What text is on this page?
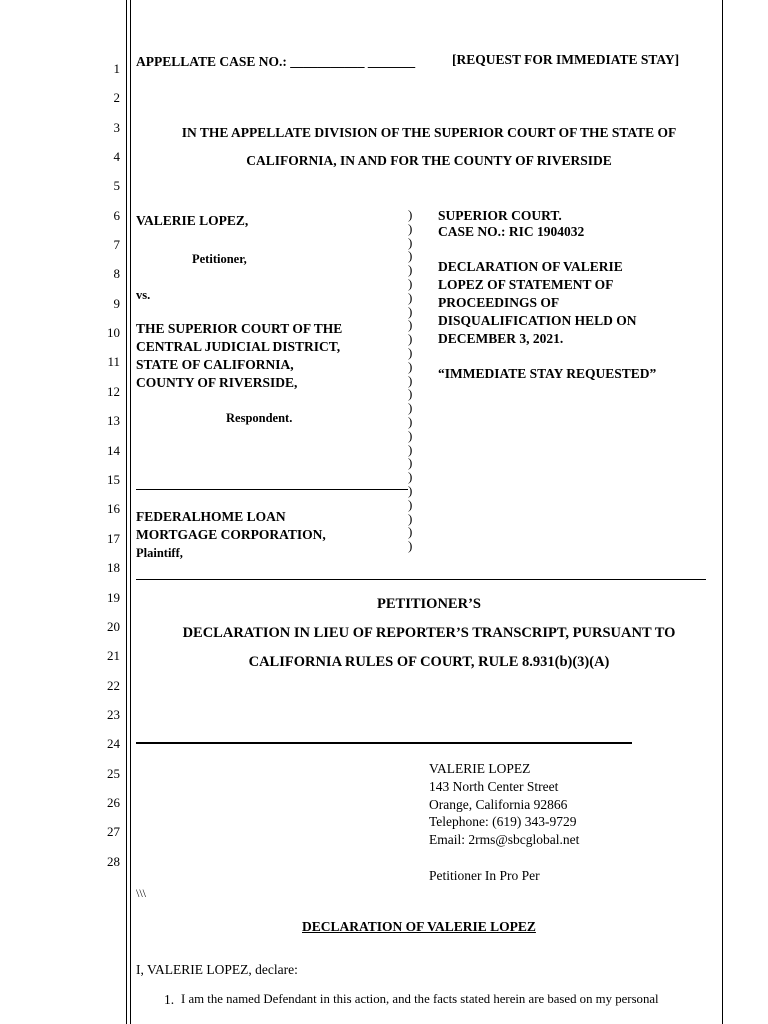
1
2
3
4
5
6
7
8
9
10
11
12
13
14
15
16
17
18
19
20
21
22
23
24
25
26
27
28
APPELLATE CASE NO.: ___________ _______	[REQUEST FOR IMMEDIATE STAY]
IN THE APPELLATE DIVISION OF THE SUPERIOR COURT OF THE STATE OF
CALIFORNIA, IN AND FOR THE COUNTY OF RIVERSIDE
VALERIE LOPEZ,
Petitioner,
vs.
THE SUPERIOR COURT OF THE
CENTRAL JUDICIAL DISTRICT,
STATE OF CALIFORNIA,
COUNTY OF RIVERSIDE,
Respondent.
FEDERALHOME LOAN
MORTGAGE CORPORATION,
Plaintiff,
)
)
)
)
)
)
)
)
)
)
)
)
)
)
)
)
)
)
)
)
)
)
)
)
)
SUPERIOR COURT.
CASE NO.: RIC 1904032
DECLARATION OF VALERIE
LOPEZ OF STATEMENT OF
PROCEEDINGS OF
DISQUALIFICATION HELD ON
DECEMBER 3, 2021.
“IMMEDIATE STAY REQUESTED”
PETITIONER’S
DECLARATION IN LIEU OF REPORTER’S TRANSCRIPT, PURSUANT TO
CALIFORNIA RULES OF COURT, RULE 8.931(b)(3)(A)
VALERIE LOPEZ
143 North Center Street
Orange, California 92866
Telephone: (619) 343-9729
Email: 2rms@sbcglobal.net
Petitioner In Pro Per
\\\
DECLARATION OF VALERIE LOPEZ
I, VALERIE LOPEZ, declare:
1. I am the named Defendant in this action, and the facts stated herein are based on my personal
